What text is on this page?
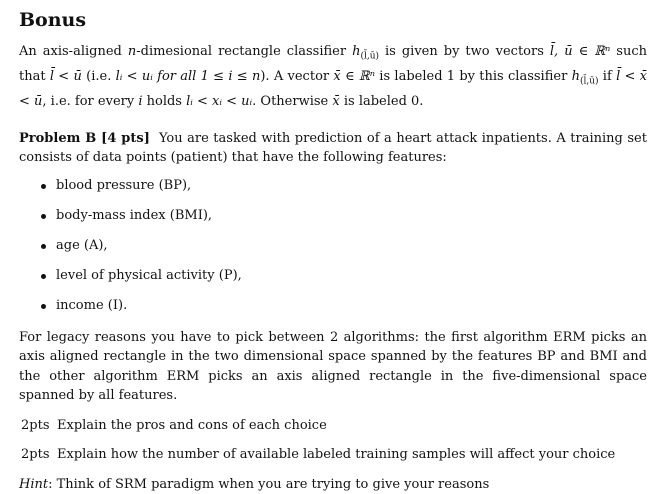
Bonus

An axis-aligned n-dimesional rectangle classifier $h_{(l̄,ū)}$ is given by two vectors l̄, ū ∈ ℝⁿ such that l̄ < ū (i.e. lᵢ < uᵢ for all 1 ≤ i ≤ n). A vector x̄ ∈ ℝⁿ is labeled 1 by this classifier $h_{(l̄,ū)}$ if l̄ < x̄ < ū, i.e. for every i holds lᵢ < xᵢ < uᵢ. Otherwise x̄ is labeled 0.

Problem B [4 pts] You are tasked with prediction of a heart attack inpatients. A training set consists of data points (patient) that have the following features:

blood pressure (BP),
body-mass index (BMI),
age (A),
level of physical activity (P),
income (I).

For legacy reasons you have to pick between 2 algorithms: the first algorithm ERM picks an axis aligned rectangle in the two dimensional space spanned by the features BP and BMI and the other algorithm ERM picks an axis aligned rectangle in the five-dimensional space spanned by all features.

2pts Explain the pros and cons of each choice
2pts Explain how the number of available labeled training samples will affect your choice
Hint: Think of SRM paradigm when you are trying to give your reasons
